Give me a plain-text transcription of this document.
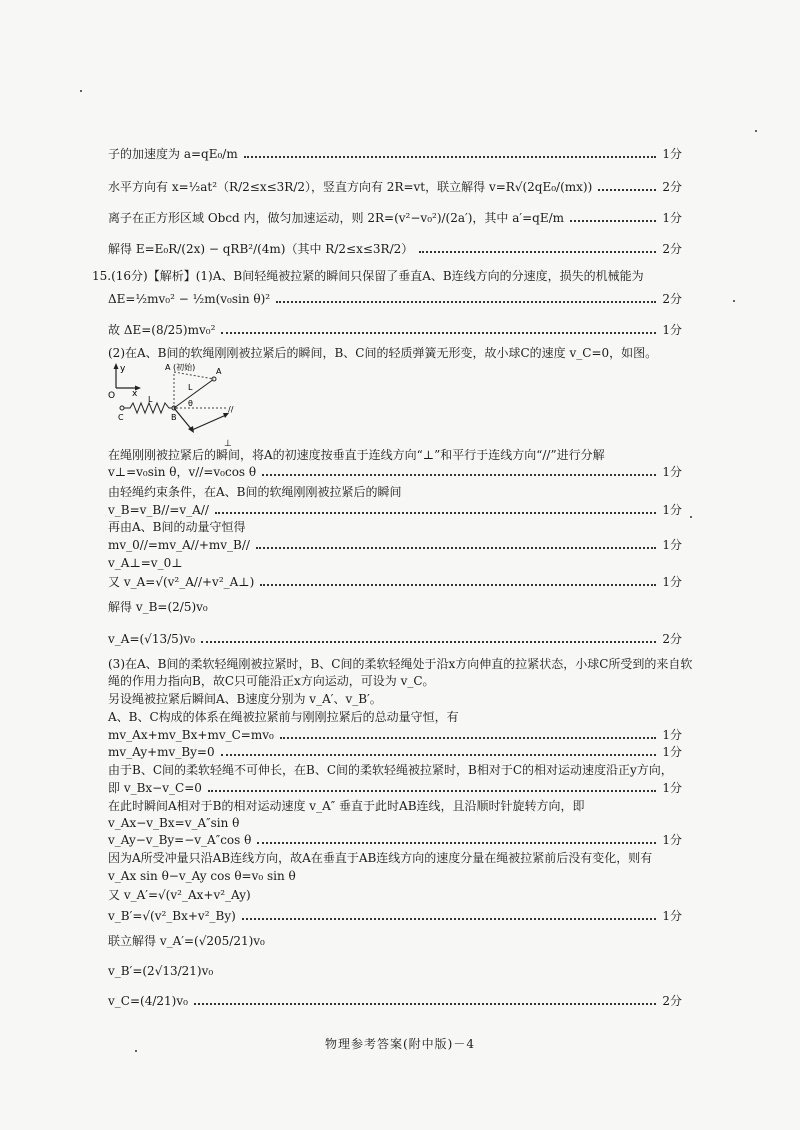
子的加速度为 a=qE₀/m	1分
水平方向有 x=½at²（R/2≤x≤3R/2），竖直方向有 2R=vt，联立解得 v=R√(2qE₀/(mx))	2分
离子在正方形区域 Obcd 内，做匀加速运动，则 2R=(v²−v₀²)/(2a′)，其中 a′=qE/m	1分
解得 E=E₀R/(2x) − qRB²/(4m)（其中 R/2≤x≤3R/2）	2分
15.(16分)【解析】(1)A、B间轻绳被拉紧的瞬间只保留了垂直A、B连线方向的分速度，损失的机械能为
ΔE=½mv₀² − ½m(v₀sin θ)²	2分
故 ΔE=(8/25)mv₀²	1分
(2)在A、B间的软绳刚刚被拉紧后的瞬间，B、C间的轻质弹簧无形变，故小球C的速度 v_C=0，如图。
y
O x
A (初始)	A
L
L
θ
B
C
⊥
//
在绳刚刚被拉紧后的瞬间，将A的初速度按垂直于连线方向“⊥”和平行于连线方向“//”进行分解
v⊥=v₀sin θ，v//=v₀cos θ	1分
由轻绳约束条件，在A、B间的软绳刚刚被拉紧后的瞬间
v_B=v_B//=v_A//	1分
再由A、B间的动量守恒得
mv_0//=mv_A//+mv_B//	1分
v_A⊥=v_0⊥
又 v_A=√(v²_A//+v²_A⊥)	1分
解得 v_B=(2/5)v₀
v_A=(√13/5)v₀	2分
(3)在A、B间的柔软轻绳刚被拉紧时，B、C间的柔软轻绳处于沿x方向伸直的拉紧状态，小球C所受到的来自软
绳的作用力指向B，故C只可能沿正x方向运动，可设为 v_C。
另设绳被拉紧后瞬间A、B速度分别为 v_A′、v_B′。
A、B、C构成的体系在绳被拉紧前与刚刚拉紧后的总动量守恒，有
mv_Ax+mv_Bx+mv_C=mv₀	1分
mv_Ay+mv_By=0	1分
由于B、C间的柔软轻绳不可伸长，在B、C间的柔软轻绳被拉紧时，B相对于C的相对运动速度沿正y方向，
即 v_Bx−v_C=0	1分
在此时瞬间A相对于B的相对运动速度 v_A″ 垂直于此时AB连线，且沿顺时针旋转方向，即
v_Ax−v_Bx=v_A″sin θ
v_Ay−v_By=−v_A″cos θ	1分
因为A所受冲量只沿AB连线方向，故A在垂直于AB连线方向的速度分量在绳被拉紧前后没有变化，则有
v_Ax sin θ−v_Ay cos θ=v₀ sin θ
又 v_A′=√(v²_Ax+v²_Ay)
v_B′=√(v²_Bx+v²_By)	1分
联立解得 v_A′=(√205/21)v₀
v_B′=(2√13/21)v₀
v_C=(4/21)v₀	2分
物理参考答案(附中版)－4
